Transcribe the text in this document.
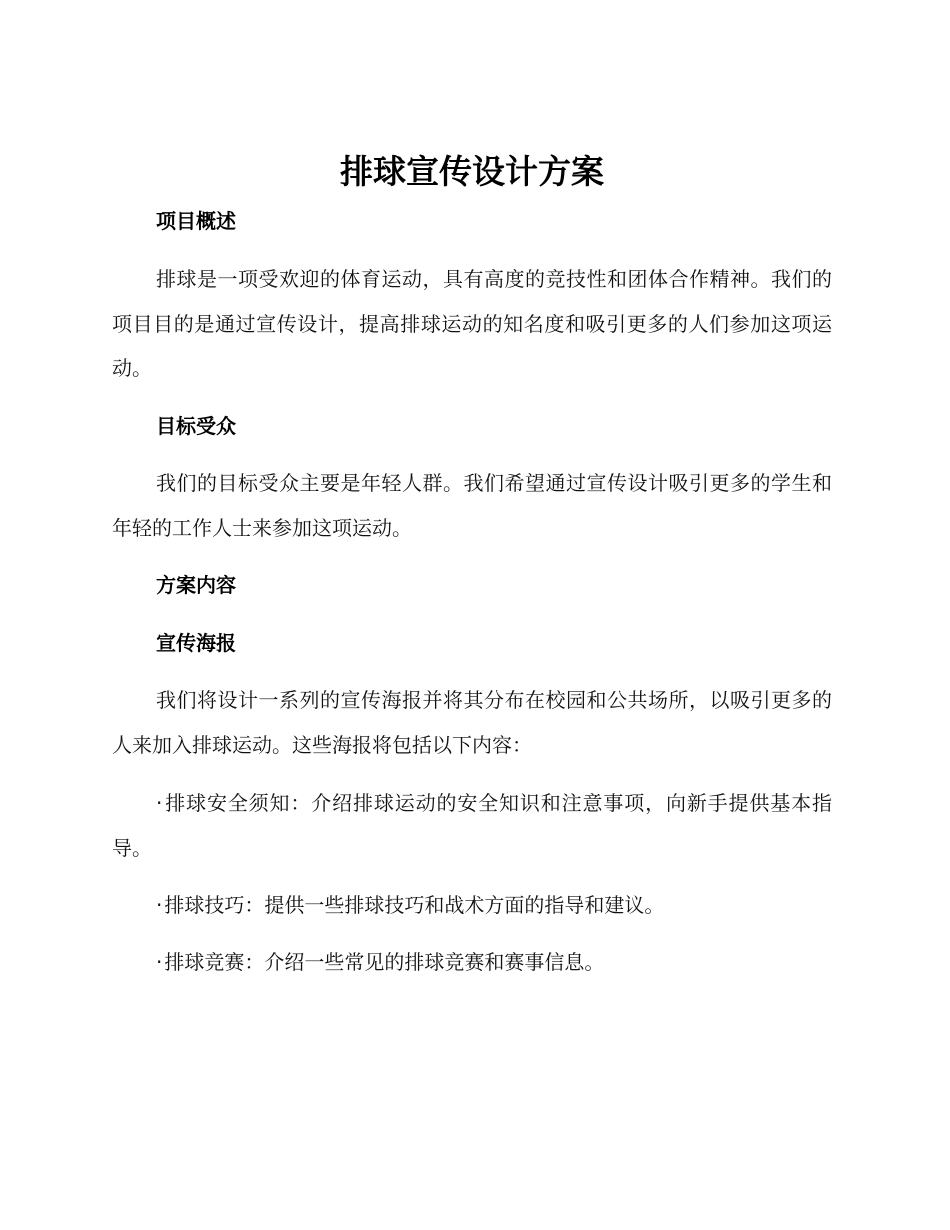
排球宣传设计方案
项目概述

排球是一项受欢迎的体育运动，具有高度的竞技性和团体合作精神。我们的项目目的是通过宣传设计，提高排球运动的知名度和吸引更多的人们参加这项运动。

目标受众

我们的目标受众主要是年轻人群。我们希望通过宣传设计吸引更多的学生和年轻的工作人士来参加这项运动。

方案内容
宣传海报

我们将设计一系列的宣传海报并将其分布在校园和公共场所，以吸引更多的人来加入排球运动。这些海报将包括以下内容：

· 排球安全须知：介绍排球运动的安全知识和注意事项，向新手提供基本指导。

· 排球技巧：提供一些排球技巧和战术方面的指导和建议。

· 排球竞赛：介绍一些常见的排球竞赛和赛事信息。
